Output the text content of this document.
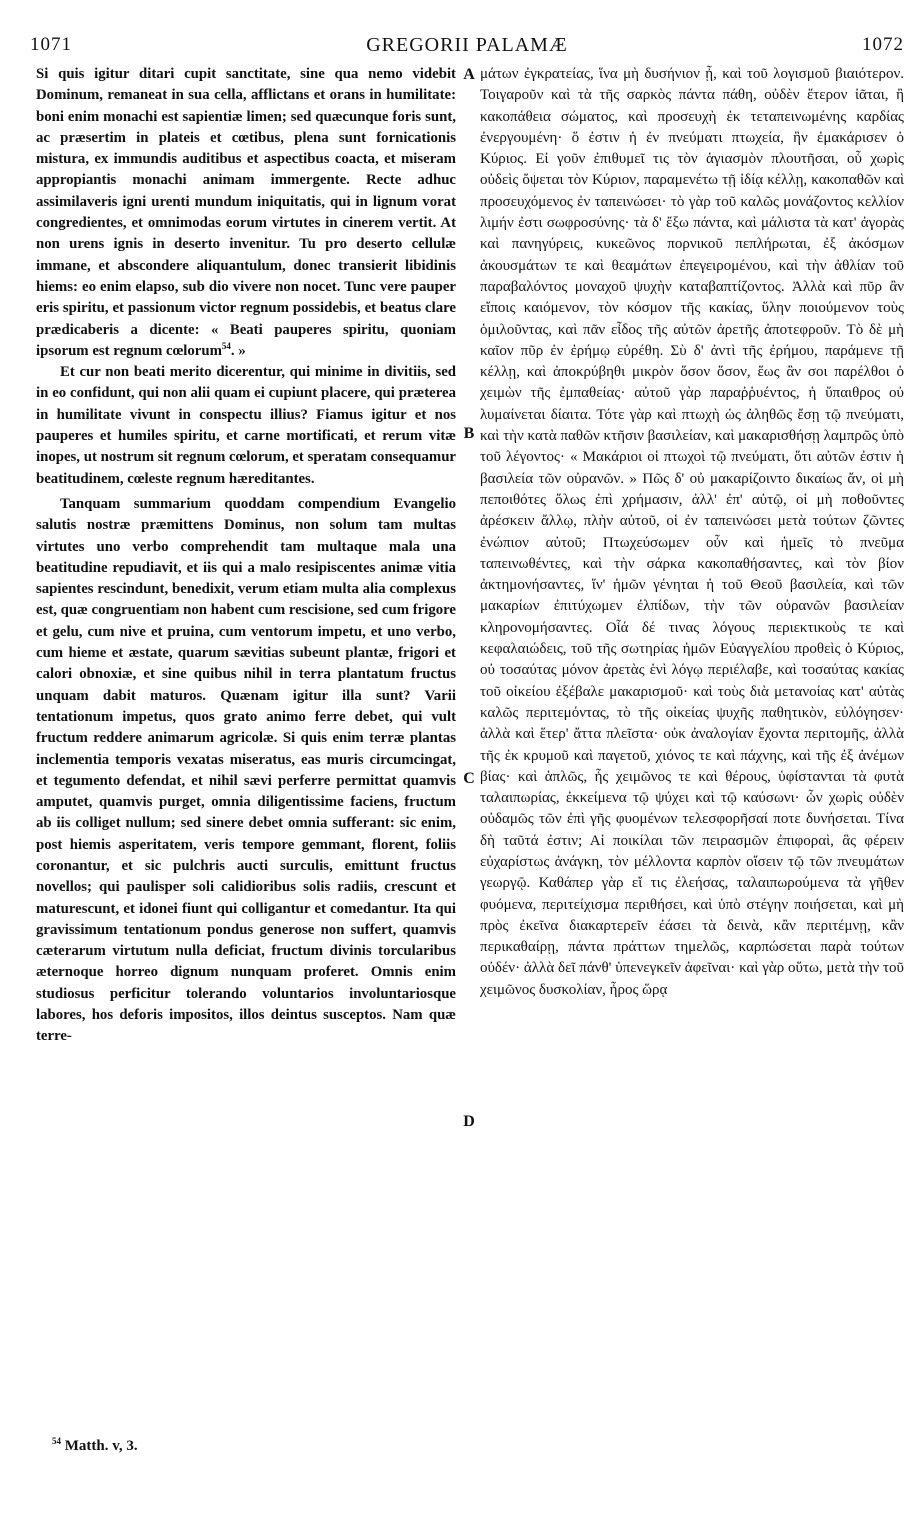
1071	GREGORII PALAMÆ	1072

Si quis igitur ditari cupit sanctitate, sine qua nemo videbit Dominum, remaneat in sua cella, afflictans et orans in humilitate: boni enim monachi est sapientiæ limen; sed quæcunque foris sunt, ac præsertim in plateis et cœtibus, plena sunt fornicationis mistura, ex immundis auditibus et aspectibus coacta, et miseram appropiantis monachi animam immergente. Recte adhuc assimilaveris igni urenti mundum iniquitatis, qui in lignum vorat congredientes, et omnimodas eorum virtutes in cinerem vertit. At non urens ignis in deserto invenitur. Tu pro deserto cellulæ immane, et abscondere aliquantulum, donec transierit libidinis hiems: eo enim elapso, sub dio vivere non nocet. Tunc vere pauper eris spiritu, et passionum victor regnum possidebis, et beatus clare prædicaberis a dicente: « Beati pauperes spiritu, quoniam ipsorum est regnum cœlorum$^{54}$. »

Et cur non beati merito dicerentur, qui minime in divitiis, sed in eo confidunt, qui non alii quam ei cupiunt placere, qui præterea in humilitate vivunt in conspectu illius? Fiamus igitur et nos pauperes et humiles spiritu, et carne mortificati, et rerum vitæ inopes, ut nostrum sit regnum cœlorum, et speratam consequamur beatitudinem, cœleste regnum hæreditantes.

Tanquam summarium quoddam compendium Evangelio salutis nostræ præmittens Dominus, non solum tam multas virtutes uno verbo comprehendit tam multaque mala una beatitudine repudiavit, et iis qui a malo resipiscentes animæ vitia sapientes rescindunt, benedixit, verum etiam multa alia complexus est, quæ congruentiam non habent cum rescisione, sed cum frigore et gelu, cum nive et pruina, cum ventorum impetu, et uno verbo, cum hieme et æstate, quarum sævitias subeunt plantæ, frigori et calori obnoxiæ, et sine quibus nihil in terra plantatum fructus unquam dabit maturos. Quænam igitur illa sunt? Varii tentationum impetus, quos grato animo ferre debet, qui vult fructum reddere animarum agricolæ. Si quis enim terræ plantas inclementia temporis vexatas miseratus, eas muris circumcingat, et tegumento defendat, et nihil sævi perferre permittat quamvis amputet, quamvis purget, omnia diligentissime faciens, fructum ab iis colliget nullum; sed sinere debet omnia sufferant: sic enim, post hiemis asperitatem, veris tempore gemmant, florent, foliis coronantur, et sic pulchris aucti surculis, emittunt fructus novellos; qui paulisper soli calidioribus solis radiis, crescunt et maturescunt, et idonei fiunt qui colligantur et comedantur. Ita qui gravissimum tentationum pondus generose non suffert, quamvis cæterarum virtutum nulla deficiat, fructum divinis torcularibus æternoque horreo dignum nunquam proferet. Omnis enim studiosus perficitur tolerando voluntarios involuntariosque labores, hos deforis impositos, illos deintus susceptos. Nam quæ terre-

A
B
C
D

μάτων ἐγκρατείας, ἵνα μὴ δυσήνιον ᾖ, καὶ τοῦ λογισμοῦ βιαιότερον. Τοιγαροῦν καὶ τὰ τῆς σαρκὸς πάντα πάθη, οὐδὲν ἕτερον ἰᾶται, ἢ κακοπάθεια σώματος, καὶ προσευχὴ ἐκ τεταπεινωμένης καρδίας ἐνεργουμένη· ὅ ἐστιν ἡ ἐν πνεύματι πτωχεία, ἣν ἐμακάρισεν ὁ Κύριος. Εἰ γοῦν ἐπιθυμεῖ τις τὸν ἁγιασμὸν πλουτῆσαι, οὗ χωρὶς οὐδεὶς ὄψεται τὸν Κύριον, παραμενέτω τῇ ἰδίᾳ κέλλῃ, κακοπαθῶν καὶ προσευχόμενος ἐν ταπεινώσει· τὸ γὰρ τοῦ καλῶς μονάζοντος κελλίον λιμήν ἐστι σωφροσύνης· τὰ δ' ἔξω πάντα, καὶ μάλιστα τὰ κατ' ἀγορὰς καὶ πανηγύρεις, κυκεῶνος πορνικοῦ πεπλήρωται, ἐξ ἀκόσμων ἀκουσμάτων τε καὶ θεαμάτων ἐπεγειρομένου, καὶ τὴν ἀθλίαν τοῦ παραβαλόντος μοναχοῦ ψυχὴν καταβαπτίζοντος. Ἀλλὰ καὶ πῦρ ἂν εἴποις καιόμενον, τὸν κόσμον τῆς κακίας, ὕλην ποιούμενον τοὺς ὁμιλοῦντας, καὶ πᾶν εἶδος τῆς αὐτῶν ἀρετῆς ἀποτεφροῦν. Τὸ δὲ μὴ καῖον πῦρ ἐν ἐρήμῳ εὑρέθη. Σὺ δ' ἀντὶ τῆς ἐρήμου, παράμενε τῇ κέλλῃ, καὶ ἀποκρύβηθι μικρὸν ὅσον ὅσον, ἕως ἂν σοι παρέλθοι ὁ χειμὼν τῆς ἐμπαθείας· αὐτοῦ γὰρ παραῤῥυέντος, ἡ ὕπαιθρος οὐ λυμαίνεται δίαιτα. Τότε γὰρ καὶ πτωχὴ ὡς ἀληθῶς ἔσῃ τῷ πνεύματι, καὶ τὴν κατὰ παθῶν κτῆσιν βασιλείαν, καὶ μακαρισθήσῃ λαμπρῶς ὑπὸ τοῦ λέγοντος· « Μακάριοι οἱ πτωχοὶ τῷ πνεύματι, ὅτι αὐτῶν ἐστιν ἡ βασιλεία τῶν οὐρανῶν. » Πῶς δ' οὐ μακαρίζοιντο δικαίως ἄν, οἱ μὴ πεποιθότες ὅλως ἐπὶ χρήμασιν, ἀλλ' ἐπ' αὐτῷ, οἱ μὴ ποθοῦντες ἀρέσκειν ἄλλῳ, πλὴν αὐτοῦ, οἱ ἐν ταπεινώσει μετὰ τούτων ζῶντες ἐνώπιον αὐτοῦ; Πτωχεύσωμεν οὖν καὶ ἡμεῖς τὸ πνεῦμα ταπεινωθέντες, καὶ τὴν σάρκα κακοπαθήσαντες, καὶ τὸν βίον ἀκτημονήσαντες, ἵν' ἡμῶν γένηται ἡ τοῦ Θεοῦ βασιλεία, καὶ τῶν μακαρίων ἐπιτύχωμεν ἐλπίδων, τὴν τῶν οὐρανῶν βασιλείαν κληρονομήσαντες. Οἷά δέ τινας λόγους περιεκτικοὺς τε καὶ κεφαλαιώδεις, τοῦ τῆς σωτηρίας ἡμῶν Εὐαγγελίου προθεὶς ὁ Κύριος, οὐ τοσαύτας μόνον ἀρετὰς ἑνὶ λόγῳ περιέλαβε, καὶ τοσαύτας κακίας τοῦ οἰκείου ἐξέβαλε μακαρισμοῦ· καὶ τοὺς διὰ μετανοίας κατ' αὐτὰς καλῶς περιτεμόντας, τὸ τῆς οἰκείας ψυχῆς παθητικὸν, εὐλόγησεν· ἀλλὰ καὶ ἕτερ' ἄττα πλεῖστα· οὐκ ἀναλογίαν ἔχοντα περιτομῆς, ἀλλὰ τῆς ἐκ κρυμοῦ καὶ παγετοῦ, χιόνος τε καὶ πάχνης, καὶ τῆς ἐξ ἀνέμων βίας· καὶ ἁπλῶς, ἧς χειμῶνος τε καὶ θέρους, ὑφίστανται τὰ φυτὰ ταλαιπωρίας, ἐκκείμενα τῷ ψύχει καὶ τῷ καύσωνι· ὧν χωρὶς οὐδὲν οὐδαμῶς τῶν ἐπὶ γῆς φυομένων τελεσφορῆσαί ποτε δυνήσεται. Τίνα δὴ ταῦτά ἐστιν; Αἱ ποικίλαι τῶν πειρασμῶν ἐπιφοραὶ, ἃς φέρειν εὐχαρίστως ἀνάγκη, τὸν μέλλοντα καρπὸν οἴσειν τῷ τῶν πνευμάτων γεωργῷ. Καθάπερ γὰρ εἴ τις ἐλεήσας, ταλαιπωρούμενα τὰ γῆθεν φυόμενα, περιτείχισμα περιθήσει, καὶ ὑπὸ στέγην ποιήσεται, καὶ μὴ πρὸς ἐκεῖνα διακαρτερεῖν ἐάσει τὰ δεινὰ, κἂν περιτέμνῃ, κἂν περικαθαίρῃ, πάντα πράττων τημελῶς, καρπώσεται παρὰ τούτων οὐδέν· ἀλλὰ δεῖ πάνθ' ὑπενεγκεῖν ἀφεῖναι· καὶ γὰρ οὕτω, μετὰ τὴν τοῦ χειμῶνος δυσκολίαν, ἦρος ὥρᾳ

$^{54}$ Matth. v, 3.
